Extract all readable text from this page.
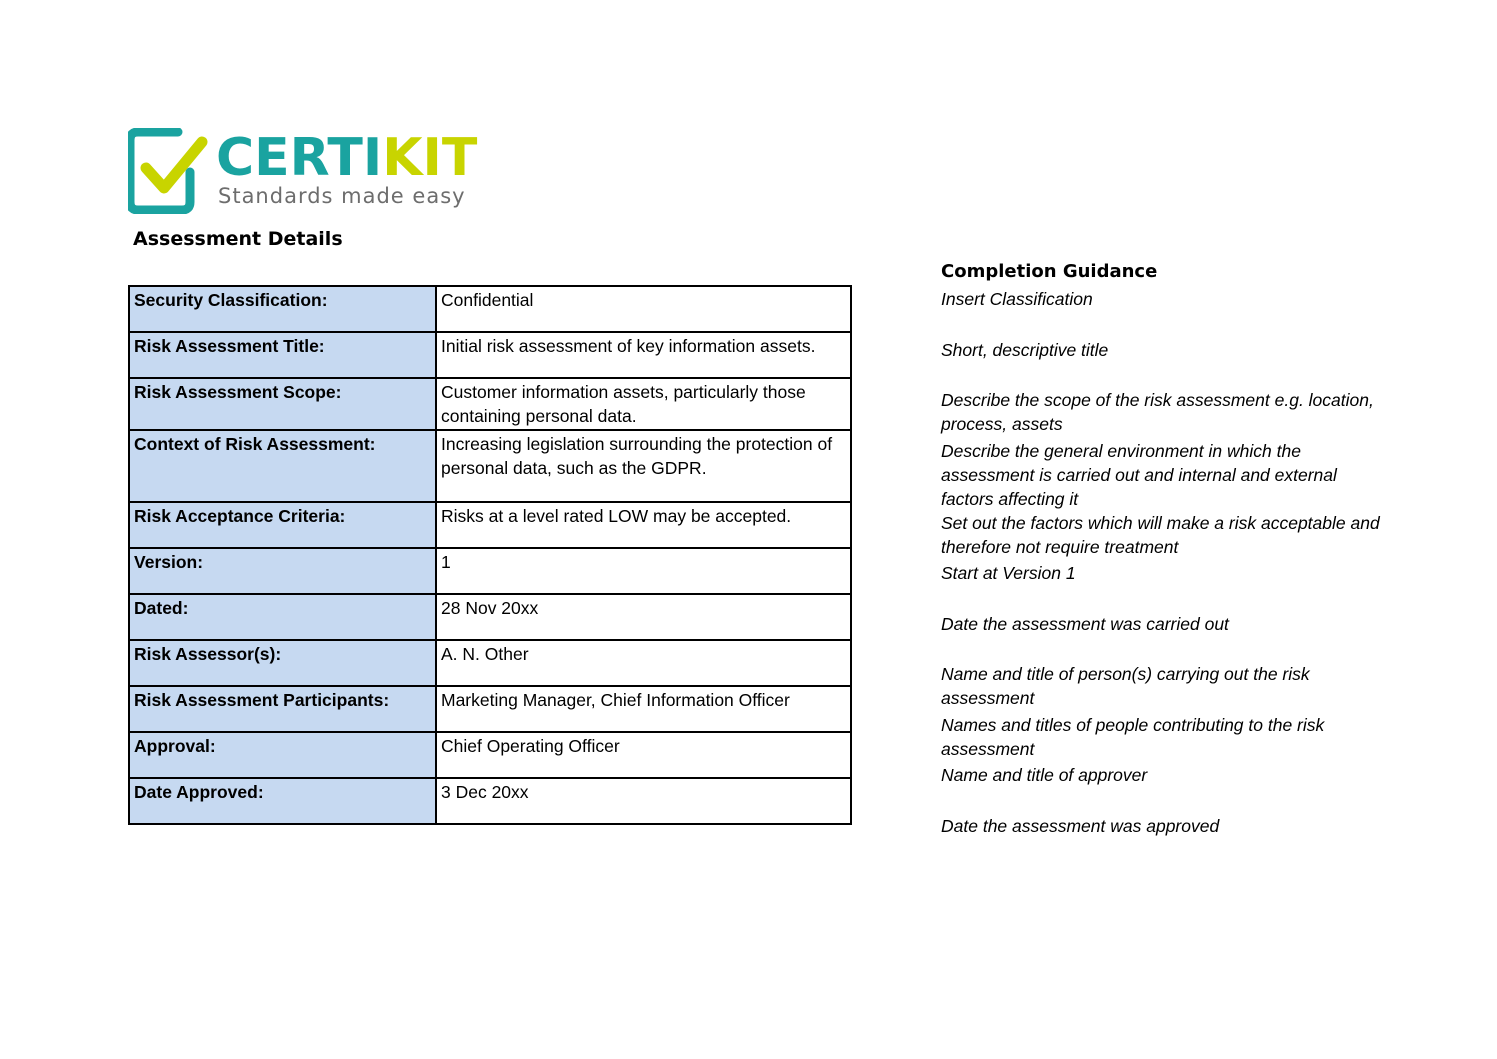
CERTIKIT
Standards made easy
Assessment Details
Completion Guidance
Security Classification:	Confidential
Risk Assessment Title:	Initial risk assessment of key information assets.
Risk Assessment Scope:	Customer information assets, particularly those containing personal data.
Context of Risk Assessment:	Increasing legislation surrounding the protection of personal data, such as the GDPR.
Risk Acceptance Criteria:	Risks at a level rated LOW may be accepted.
Version:	1
Dated:	28 Nov 20xx
Risk Assessor(s):	A. N. Other
Risk Assessment Participants:	Marketing Manager, Chief Information Officer
Approval:	Chief Operating Officer
Date Approved:	3 Dec 20xx
Insert Classification
Short, descriptive title
Describe the scope of the risk assessment e.g. location, process, assets
Describe the general environment in which the assessment is carried out and internal and external factors affecting it
Set out the factors which will make a risk acceptable and therefore not require treatment
Start at Version 1
Date the assessment was carried out
Name and title of person(s) carrying out the risk assessment
Names and titles of people contributing to the risk assessment
Name and title of approver
Date the assessment was approved
